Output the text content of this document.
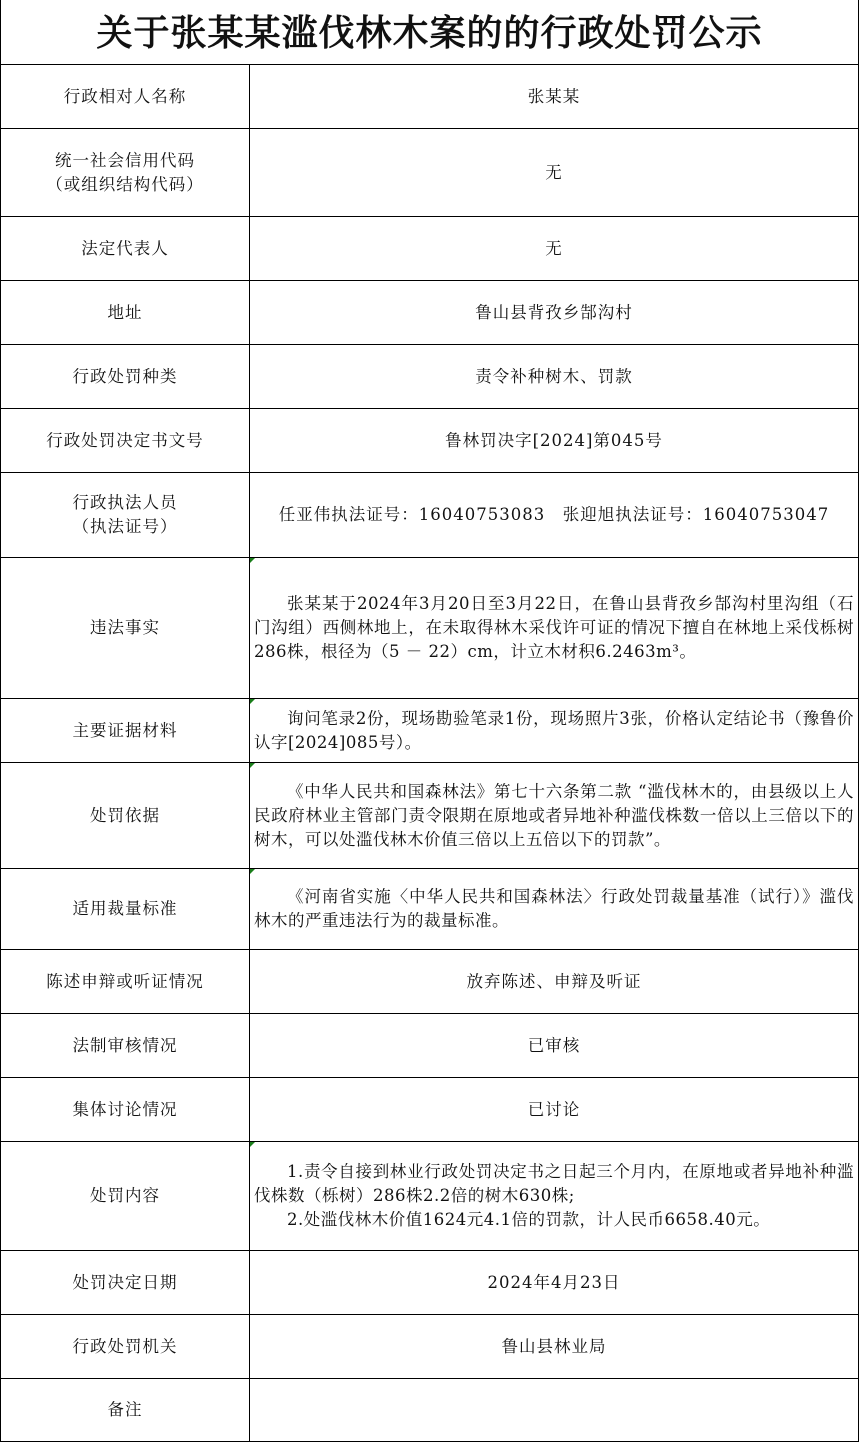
关于张某某滥伐林木案的的行政处罚公示
行政相对人名称	张某某

统一社会信用代码
（或组织结构代码）	无
法定代表人	无
地址	鲁山县背孜乡郜沟村
行政处罚种类	责令补种树木、罚款
行政处罚决定书文号	鲁林罚决字[2024]第045号

行政执法人员
（执法证号）	任亚伟执法证号：16040753083　张迎旭执法证号：16040753047
违法事实	张某某于2024年3月20日至3月22日，在鲁山县背孜乡郜沟村里沟组（石门沟组）西侧林地上，在未取得林木采伐许可证的情况下擅自在林地上采伐栎树286株，根径为（5 － 22）cm，计立木材积6.2463m³。

主要证据材料	询问笔录2份，现场勘验笔录1份，现场照片3张，价格认定结论书（豫鲁价认字[2024]085号）。

处罚依据	《中华人民共和国森林法》第七十六条第二款 “滥伐林木的，由县级以上人民政府林业主管部门责令限期在原地或者异地补种滥伐株数一倍以上三倍以下的树木，可以处滥伐林木价值三倍以上五倍以下的罚款”。

适用裁量标准	《河南省实施〈中华人民共和国森林法〉行政处罚裁量基准（试行）》滥伐林木的严重违法行为的裁量标准。

陈述申辩或听证情况	放弃陈述、申辩及听证
法制审核情况	已审核
集体讨论情况	已讨论
处罚内容	1.责令自接到林业行政处罚决定书之日起三个月内，在原地或者异地补种滥伐株数（栎树）286株2.2倍的树木630株;
2.处滥伐林木价值1624元4.1倍的罚款，计人民币6658.40元。

处罚决定日期	2024年4月23日
行政处罚机关	鲁山县林业局
备注	
